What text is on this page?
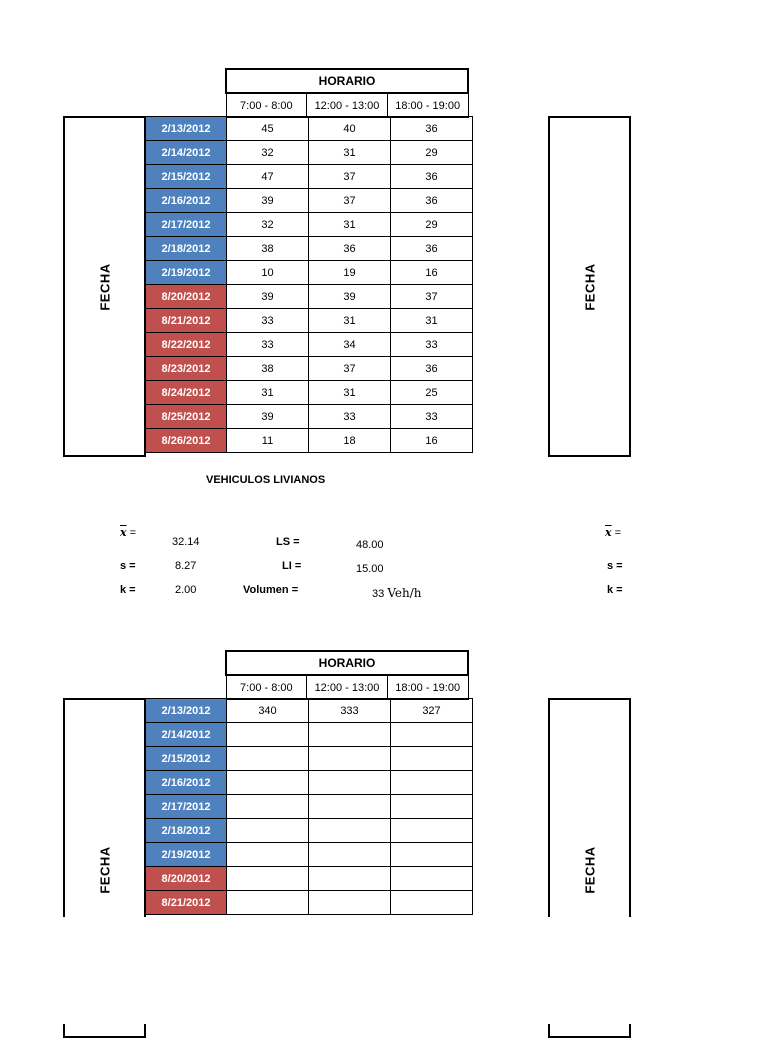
FECHA
HORARIO
7:00 - 8:00	12:00 - 13:00	18:00 - 19:00
2/13/2012	45	40	36
2/14/2012	32	31	29
2/15/2012	47	37	36
2/16/2012	39	37	36
2/17/2012	32	31	29
2/18/2012	38	36	36
2/19/2012	10	19	16
8/20/2012	39	39	37
8/21/2012	33	31	31
8/22/2012	33	34	33
8/23/2012	38	37	36
8/24/2012	31	31	25
8/25/2012	39	33	33
8/26/2012	11	18	16
FECHA
VEHICULOS LIVIANOS
$\overline{x}$ =
32.14
s =	8.27
k =	2.00
LS =	48.00
LI =	15.00
Volumen =	33 Veh/h
$\overline{x}$ =
s =
k =
FECHA
HORARIO
7:00 - 8:00	12:00 - 13:00	18:00 - 19:00
2/13/2012	340	333	327
2/14/2012			
2/15/2012			
2/16/2012			
2/17/2012			
2/18/2012			
2/19/2012			
8/20/2012			
8/21/2012			
FECHA
